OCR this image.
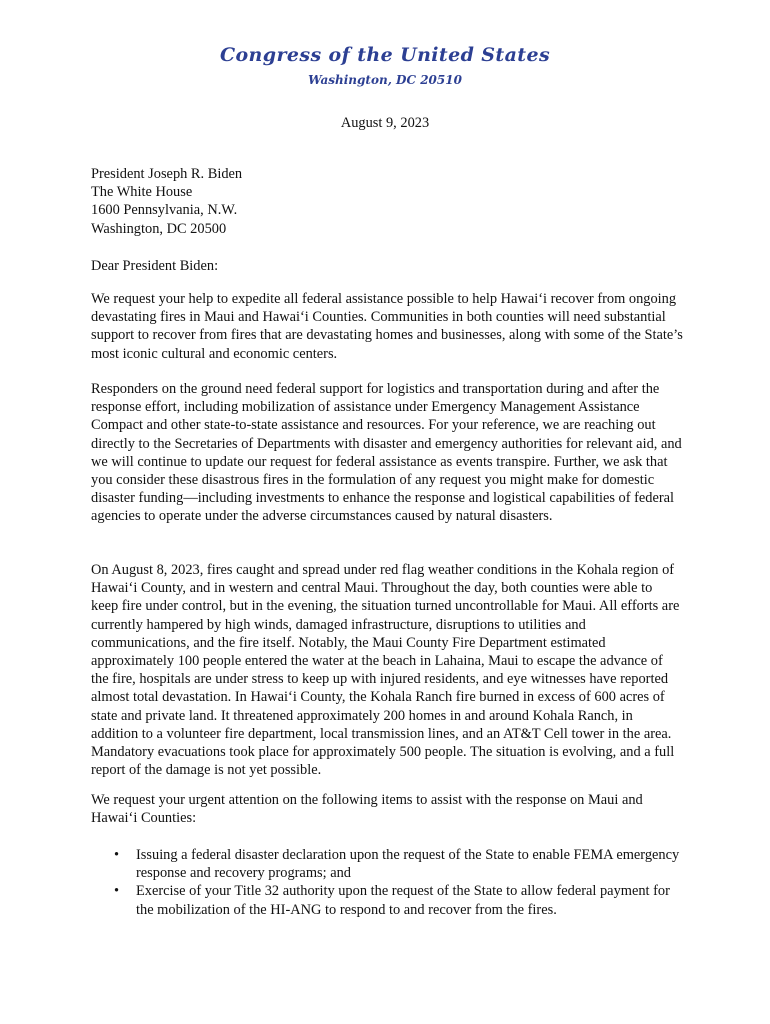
Congress of the United States
Washington, DC 20510
August 9, 2023
President Joseph R. Biden
The White House
1600 Pennsylvania, N.W.
Washington, DC 20500

Dear President Biden:

We request your help to expedite all federal assistance possible to help Hawai‘i recover from ongoing devastating fires in Maui and Hawai‘i Counties. Communities in both counties will need substantial support to recover from fires that are devastating homes and businesses, along with some of the State’s most iconic cultural and economic centers.

Responders on the ground need federal support for logistics and transportation during and after the response effort, including mobilization of assistance under Emergency Management Assistance Compact and other state-to-state assistance and resources. For your reference, we are reaching out directly to the Secretaries of Departments with disaster and emergency authorities for relevant aid, and we will continue to update our request for federal assistance as events transpire. Further, we ask that you consider these disastrous fires in the formulation of any request you might make for domestic disaster funding—including investments to enhance the response and logistical capabilities of federal agencies to operate under the adverse circumstances caused by natural disasters.

On August 8, 2023, fires caught and spread under red flag weather conditions in the Kohala region of Hawai‘i County, and in western and central Maui. Throughout the day, both counties were able to keep fire under control, but in the evening, the situation turned uncontrollable for Maui. All efforts are currently hampered by high winds, damaged infrastructure, disruptions to utilities and communications, and the fire itself. Notably, the Maui County Fire Department estimated approximately 100 people entered the water at the beach in Lahaina, Maui to escape the advance of the fire, hospitals are under stress to keep up with injured residents, and eye witnesses have reported almost total devastation. In Hawai‘i County, the Kohala Ranch fire burned in excess of 600 acres of state and private land. It threatened approximately 200 homes in and around Kohala Ranch, in addition to a volunteer fire department, local transmission lines, and an AT&T Cell tower in the area. Mandatory evacuations took place for approximately 500 people. The situation is evolving, and a full report of the damage is not yet possible.

We request your urgent attention on the following items to assist with the response on Maui and Hawai‘i Counties:

• Issuing a federal disaster declaration upon the request of the State to enable FEMA emergency response and recovery programs; and
• Exercise of your Title 32 authority upon the request of the State to allow federal payment for the mobilization of the HI-ANG to respond to and recover from the fires.
